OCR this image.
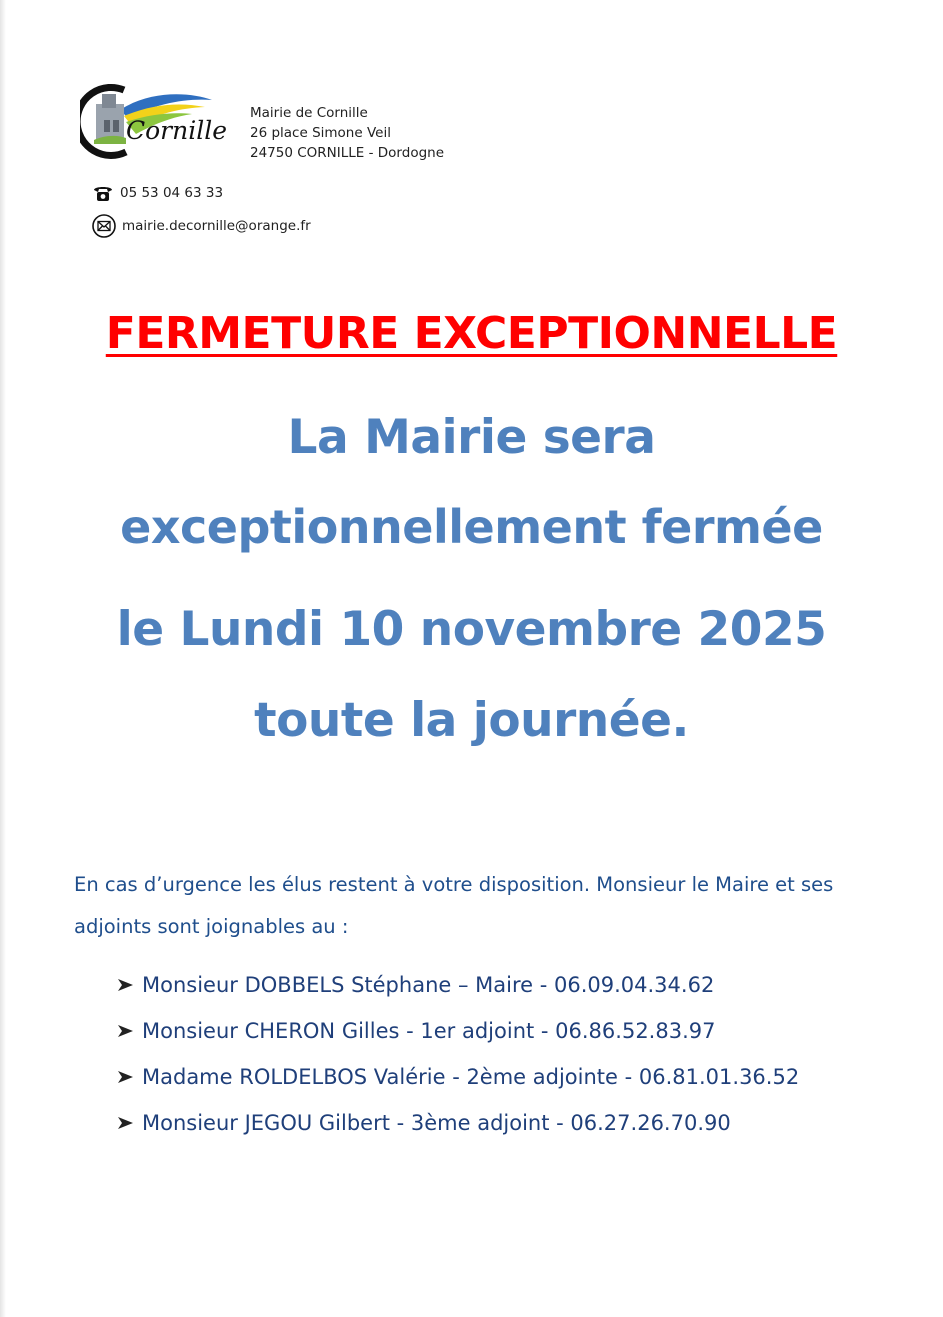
Cornille
Mairie de Cornille
26 place Simone Veil
24750 CORNILLE - Dordogne
05 53 04 63 33
mairie.decornille@orange.fr
FERMETURE EXCEPTIONNELLE
La Mairie sera
exceptionnellement fermée
le Lundi 10 novembre 2025
toute la journée.
En cas d’urgence les élus restent à votre disposition. Monsieur le Maire et ses adjoints sont joignables au :
Monsieur DOBBELS Stéphane – Maire - 06.09.04.34.62
Monsieur CHERON Gilles - 1er adjoint - 06.86.52.83.97
Madame ROLDELBOS Valérie - 2ème adjointe - 06.81.01.36.52
Monsieur JEGOU Gilbert - 3ème adjoint - 06.27.26.70.90
